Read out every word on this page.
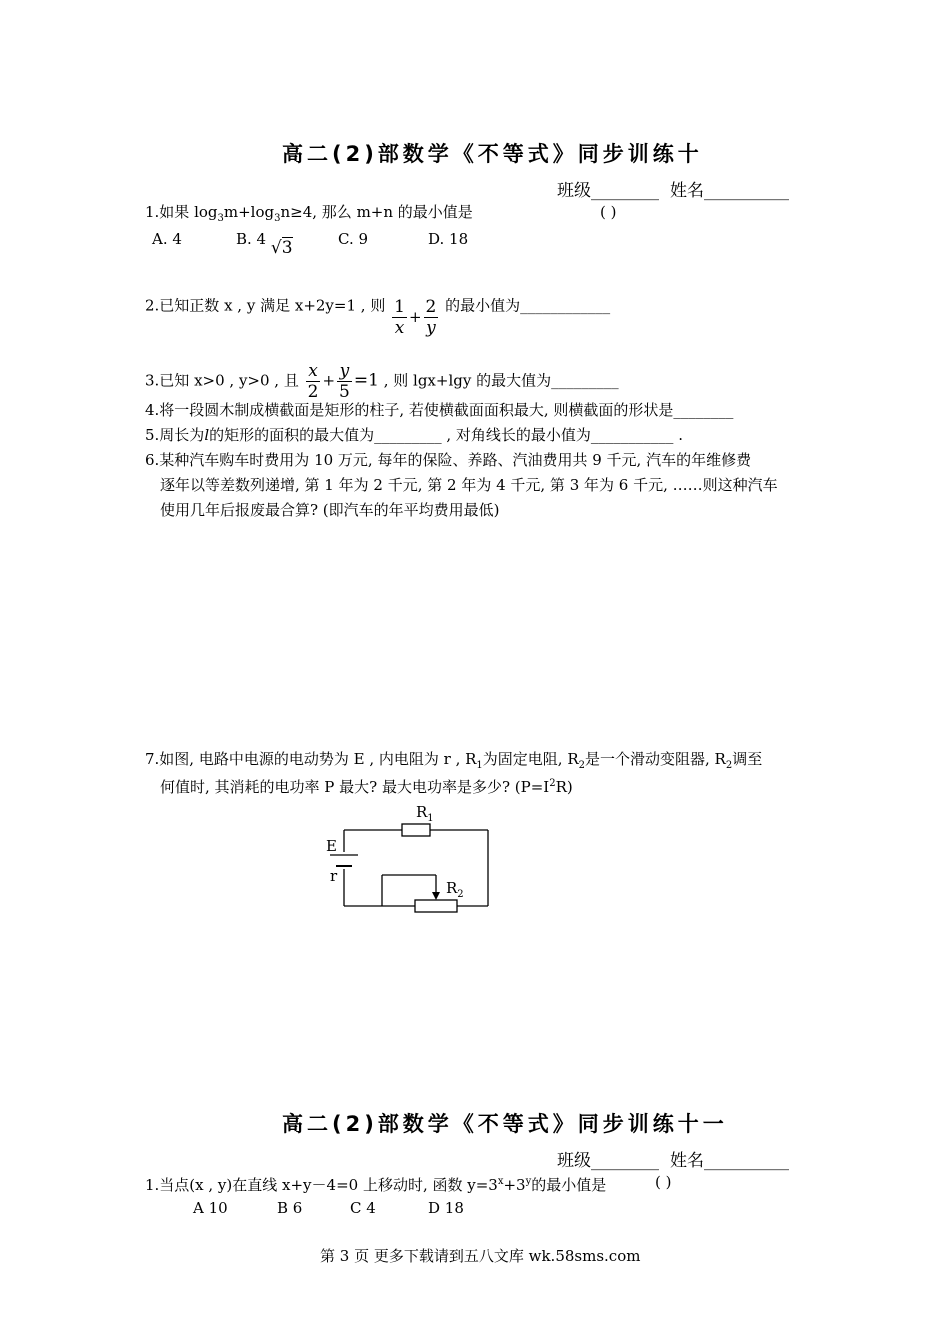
高二(2)部数学《不等式》同步训练十
班级________ 姓名__________
1.如果 $\log_3m+\log_3n\ge 4$, 那么 m+n 的最小值是	( )
A. 4	B. 4 √3	C. 9	D. 18
2.已知正数 x , y 满足 x+2y=1 , 则 $\frac{1}{x} + \frac{2}{y}$ 的最小值为____________
3.已知 x>0 , y>0 , 且 $\frac{x}{2} + \frac{y}{5} =1$ , 则 lgx+lgy 的最大值为_________
4.将一段圆木制成横截面是矩形的柱子, 若使横截面面积最大, 则横截面的形状是________
5.周长为l的矩形的面积的最大值为_________ , 对角线长的最小值为___________ .
6.某种汽车购车时费用为 10 万元, 每年的保险、养路、汽油费用共 9 千元, 汽车的年维修费
逐年以等差数列递增, 第 1 年为 2 千元, 第 2 年为 4 千元, 第 3 年为 6 千元, ……则这种汽车
使用几年后报废最合算? (即汽车的年平均费用最低)
7.如图, 电路中电源的电动势为 E , 内电阻为 r , $R_1$为固定电阻, $R_2$是一个滑动变阻器, $R_2$调至
何值时, 其消耗的电功率 P 最大? 最大电功率是多少? $(P=I^2R)$
$R_1$
$R_2$
E
r
高二(2)部数学《不等式》同步训练十一
班级________ 姓名__________
1.当点(x , y)在直线 x+y－4=0 上移动时, 函数 $y=3^x+3^y$的最小值是	( )
A 10	B 6	C 4	D 18
第 3 页 更多下载请到五八文库 wk.58sms.com
